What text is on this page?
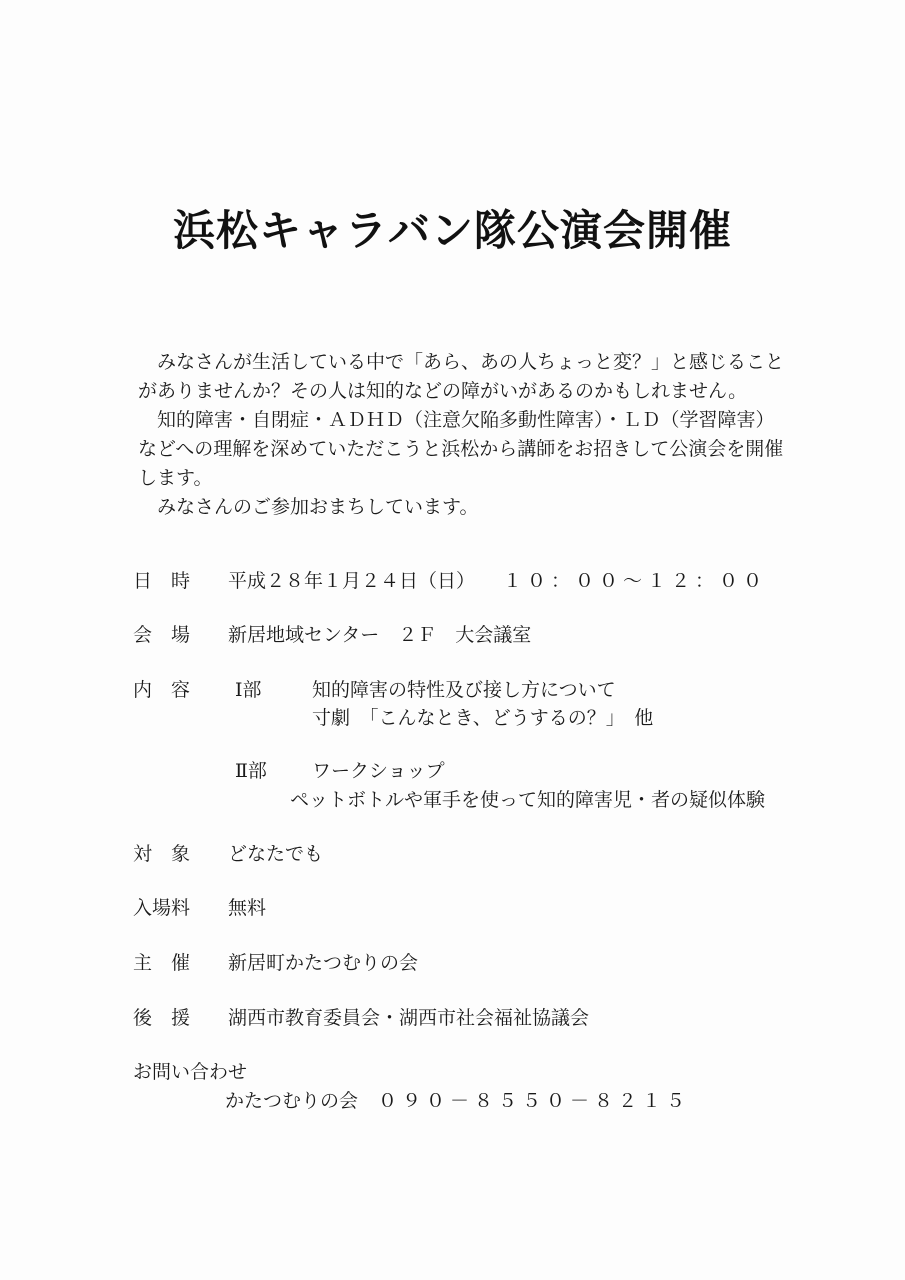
浜松キャラバン隊公演会開催

みなさんが生活している中で「あら、あの人ちょっと変？」と感じることがありませんか？その人は知的などの障がいがあるのかもしれません。

知的障害・自閉症・ＡＤＨＤ（注意欠陥多動性障害）・ＬＤ（学習障害）などへの理解を深めていただこうと浜松から講師をお招きして公演会を開催します。

みなさんのご参加おまちしています。

日　時 平成２８年１月２４日（日） １０：００～１２：００
会　場 新居地域センター　２Ｆ　大会議室
内　容	Ⅰ部	知的障害の特性及び接し方について
寸劇　「こんなとき、どうするの？」　他
Ⅱ部 ワークショップ
ペットボトルや軍手を使って知的障害児・者の疑似体験
対　象 どなたでも
入場料 無料
主　催 新居町かたつむりの会
後　援 湖西市教育委員会・湖西市社会福祉協議会
お問い合わせ
かたつむりの会 ０９０－８５５０－８２１５
